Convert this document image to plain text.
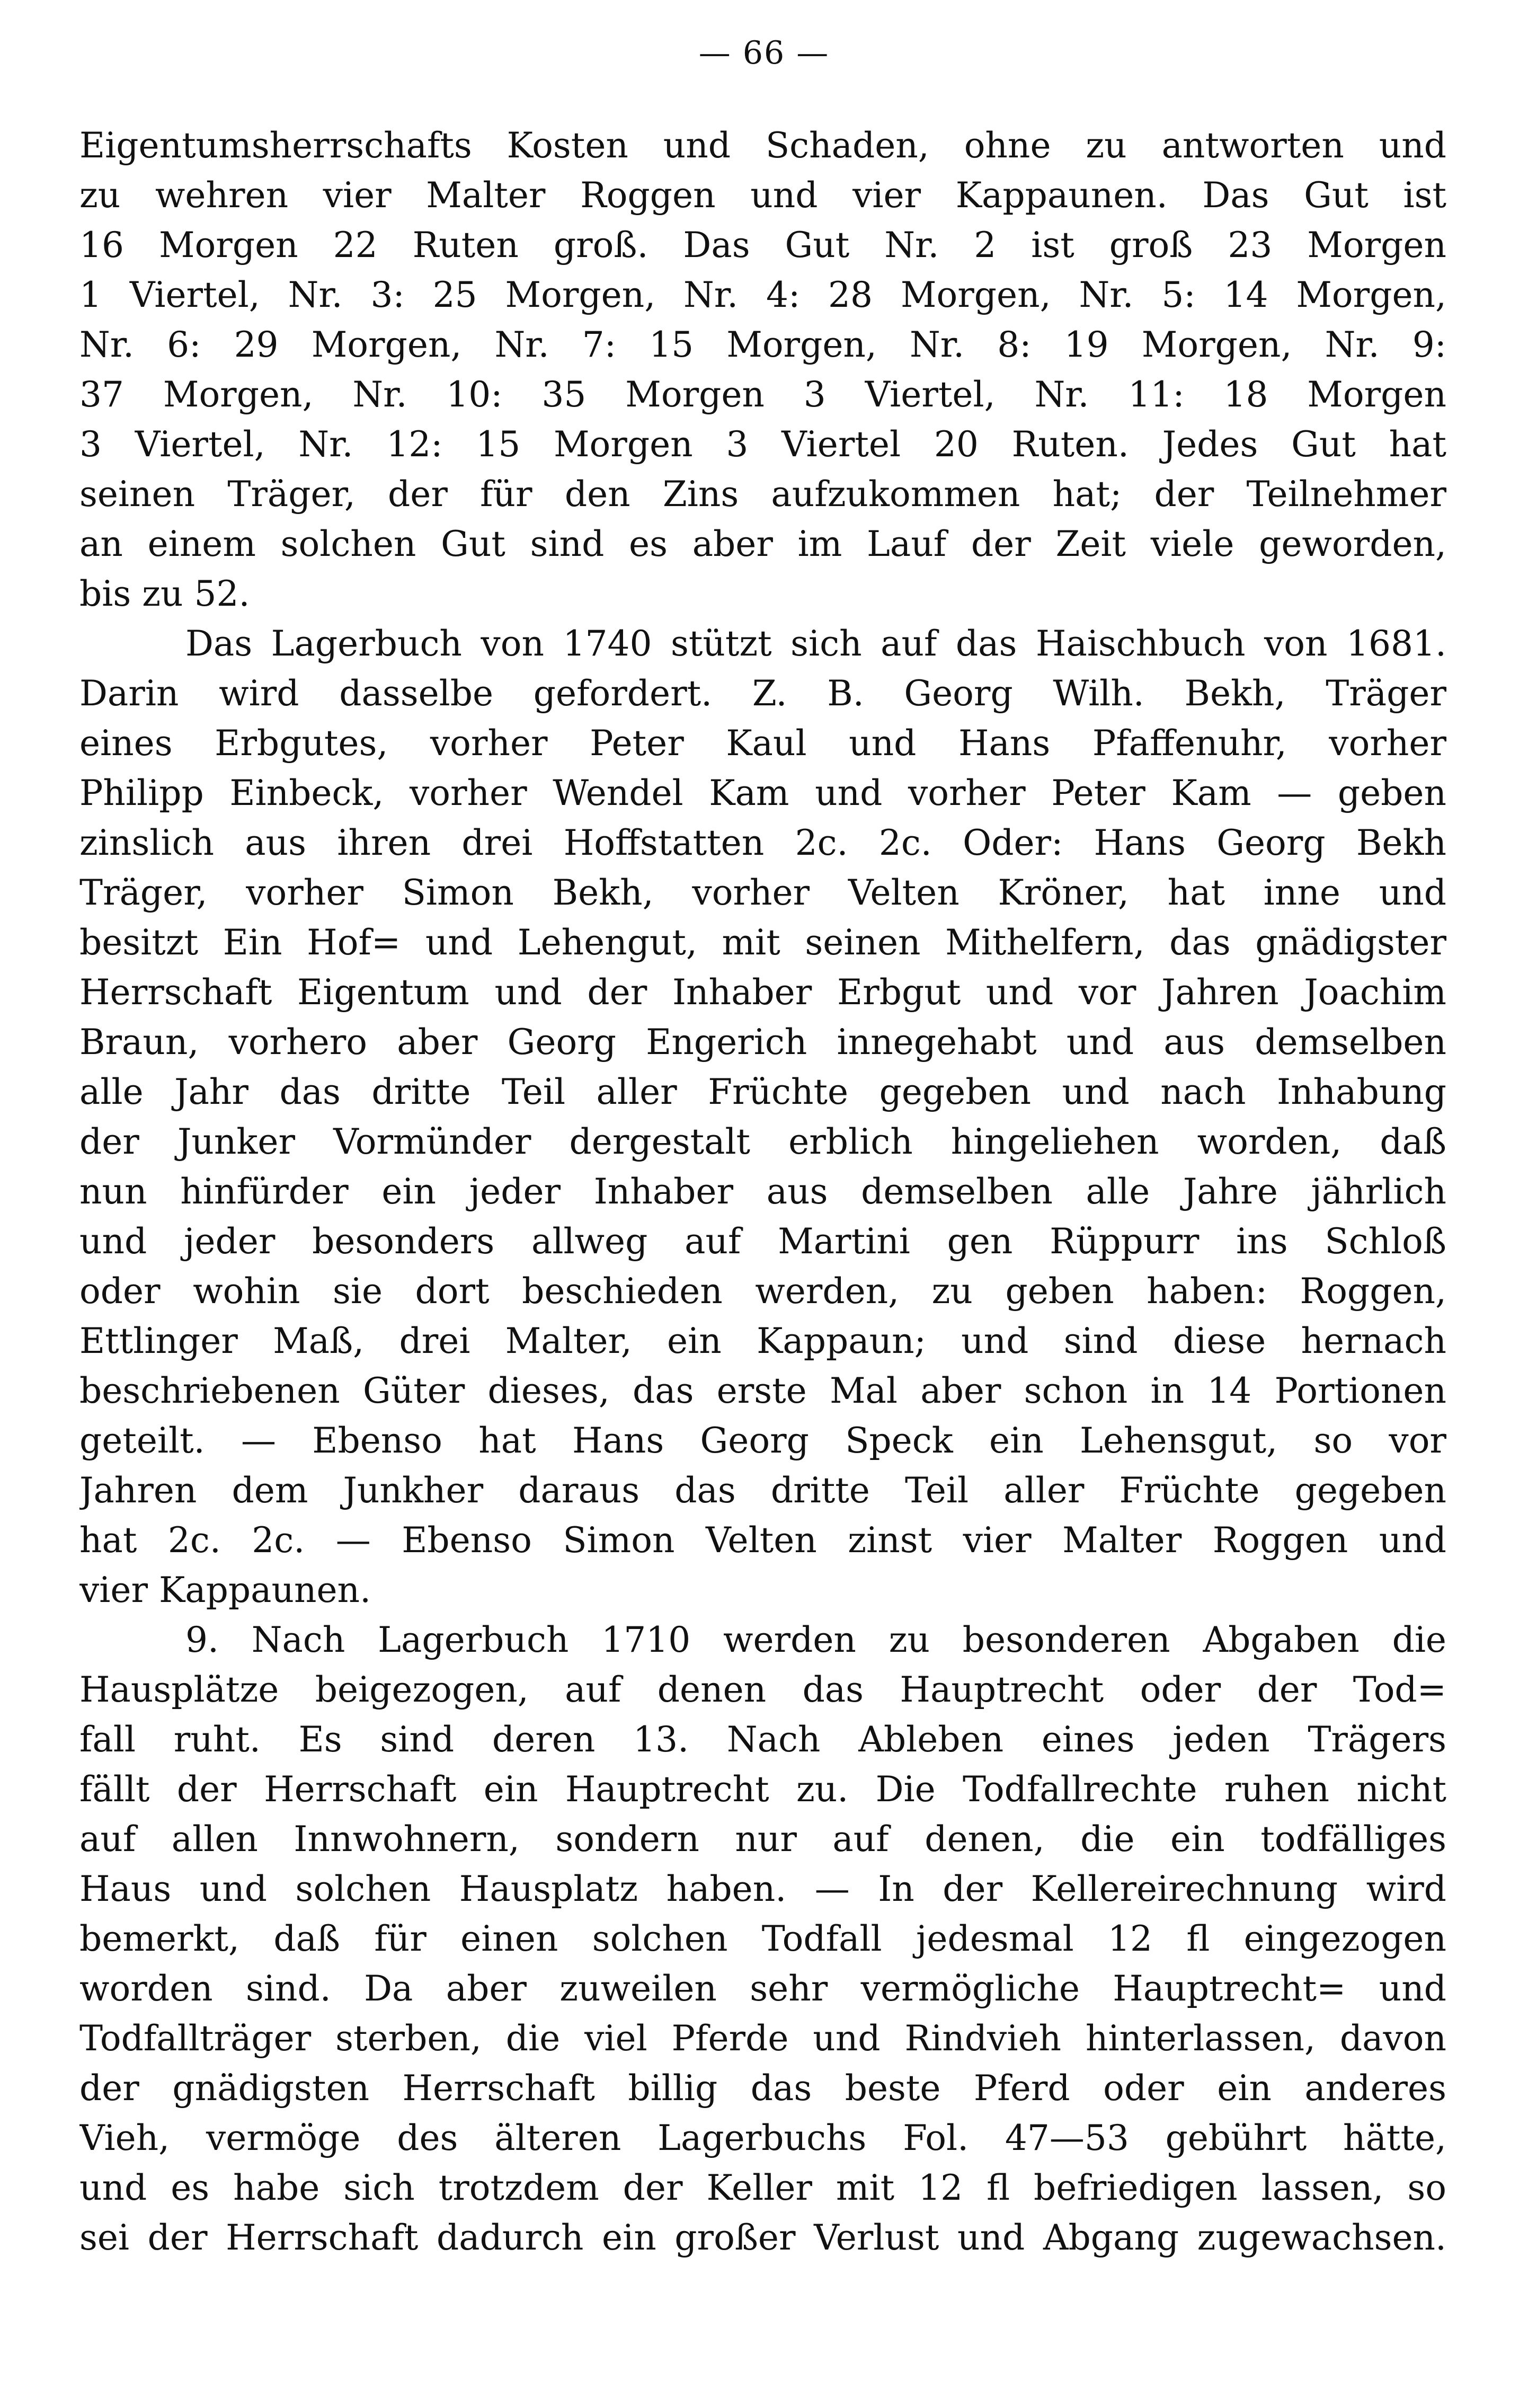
— 66 —
Eigentumsherrschafts Kosten und Schaden, ohne zu antworten und
zu wehren vier Malter Roggen und vier Kappaunen. Das Gut ist
16 Morgen 22 Ruten groß. Das Gut Nr. 2 ist groß 23 Morgen
1 Viertel, Nr. 3: 25 Morgen, Nr. 4: 28 Morgen, Nr. 5: 14 Morgen,
Nr. 6: 29 Morgen, Nr. 7: 15 Morgen, Nr. 8: 19 Morgen, Nr. 9:
37 Morgen, Nr. 10: 35 Morgen 3 Viertel, Nr. 11: 18 Morgen
3 Viertel, Nr. 12: 15 Morgen 3 Viertel 20 Ruten. Jedes Gut hat
seinen Träger, der für den Zins aufzukommen hat; der Teilnehmer
an einem solchen Gut sind es aber im Lauf der Zeit viele geworden,
bis zu 52.
Das Lagerbuch von 1740 stützt sich auf das Haischbuch von 1681.
Darin wird dasselbe gefordert. Z. B. Georg Wilh. Bekh, Träger
eines Erbgutes, vorher Peter Kaul und Hans Pfaffenuhr, vorher
Philipp Einbeck, vorher Wendel Kam und vorher Peter Kam — geben
zinslich aus ihren drei Hoffstatten 2c. 2c. Oder: Hans Georg Bekh
Träger, vorher Simon Bekh, vorher Velten Kröner, hat inne und
besitzt Ein Hof= und Lehengut, mit seinen Mithelfern, das gnädigster
Herrschaft Eigentum und der Inhaber Erbgut und vor Jahren Joachim
Braun, vorhero aber Georg Engerich innegehabt und aus demselben
alle Jahr das dritte Teil aller Früchte gegeben und nach Inhabung
der Junker Vormünder dergestalt erblich hingeliehen worden, daß
nun hinfürder ein jeder Inhaber aus demselben alle Jahre jährlich
und jeder besonders allweg auf Martini gen Rüppurr ins Schloß
oder wohin sie dort beschieden werden, zu geben haben: Roggen,
Ettlinger Maß, drei Malter, ein Kappaun; und sind diese hernach
beschriebenen Güter dieses, das erste Mal aber schon in 14 Portionen
geteilt. — Ebenso hat Hans Georg Speck ein Lehensgut, so vor
Jahren dem Junkher daraus das dritte Teil aller Früchte gegeben
hat 2c. 2c. — Ebenso Simon Velten zinst vier Malter Roggen und
vier Kappaunen.
9. Nach Lagerbuch 1710 werden zu besonderen Abgaben die
Hausplätze beigezogen, auf denen das Hauptrecht oder der Tod=
fall ruht. Es sind deren 13. Nach Ableben eines jeden Trägers
fällt der Herrschaft ein Hauptrecht zu. Die Todfallrechte ruhen nicht
auf allen Innwohnern, sondern nur auf denen, die ein todfälliges
Haus und solchen Hausplatz haben. — In der Kellereirechnung wird
bemerkt, daß für einen solchen Todfall jedesmal 12 fl eingezogen
worden sind. Da aber zuweilen sehr vermögliche Hauptrecht= und
Todfallträger sterben, die viel Pferde und Rindvieh hinterlassen, davon
der gnädigsten Herrschaft billig das beste Pferd oder ein anderes
Vieh, vermöge des älteren Lagerbuchs Fol. 47—53 gebührt hätte,
und es habe sich trotzdem der Keller mit 12 fl befriedigen lassen, so
sei der Herrschaft dadurch ein großer Verlust und Abgang zugewachsen.
